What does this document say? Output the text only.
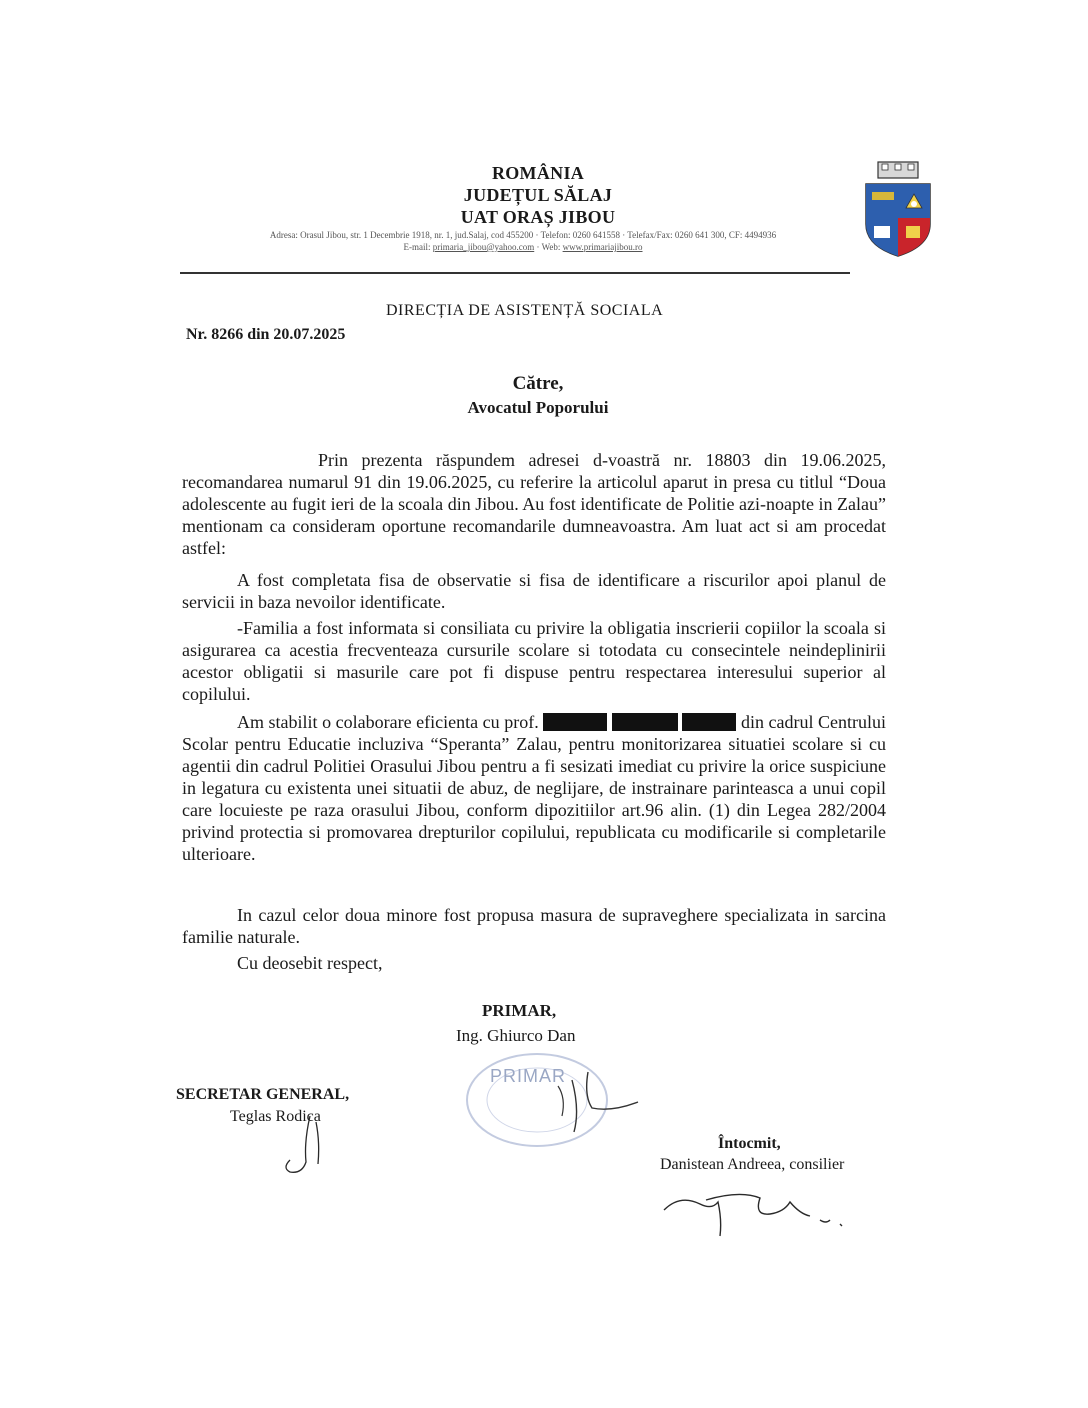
ROMÂNIA
JUDEȚUL SĂLAJ
UAT ORAȘ JIBOU
Adresa: Orasul Jibou, str. 1 Decembrie 1918, nr. 1, jud.Salaj, cod 455200 · Telefon: 0260 641558 · Telefax/Fax: 0260 641 300, CF: 4494936
E-mail: primaria_jibou@yahoo.com · Web: www.primariajibou.ro
DIRECȚIA DE ASISTENȚĂ SOCIALA
Nr. 8266 din 20.07.2025
Către,
Avocatul Poporului
Prin prezenta răspundem adresei d-voastră nr. 18803 din 19.06.2025, recomandarea numarul 91 din 19.06.2025, cu referire la articolul aparut in presa cu titlul “Doua adolescente au fugit ieri de la scoala din Jibou. Au fost identificate de Politie azi-noapte in Zalau” mentionam ca consideram oportune recomandarile dumneavoastra. Am luat act si am procedat astfel:
A fost completata fisa de observatie si fisa de identificare a riscurilor apoi planul de servicii in baza nevoilor identificate.
-Familia a fost informata si consiliata cu privire la obligatia inscrierii copiilor la scoala si asigurarea ca acestia frecventeaza cursurile scolare si totodata cu consecintele neindeplinirii acestor obligatii si masurile care pot fi dispuse pentru respectarea interesului superior al copilului.
Am stabilit o colaborare eficienta cu prof.	din cadrul Centrului Scolar pentru Educatie incluziva “Speranta” Zalau, pentru monitorizarea situatiei scolare si cu agentii din cadrul Politiei Orasului Jibou pentru a fi sesizati imediat cu privire la orice suspiciune in legatura cu existenta unei situatii de abuz, de neglijare, de instrainare parinteasca a unui copil care locuieste pe raza orasului Jibou, conform dipozitiilor art.96 alin. (1) din Legea 282/2004 privind protectia si promovarea drepturilor copilului, republicata cu modificarile si completarile ulterioare.
In cazul celor doua minore fost propusa masura de supraveghere specializata in sarcina familie naturale.
Cu deosebit respect,
PRIMAR,
Ing. Ghiurco Dan
PRIMAR
SECRETAR GENERAL,
Teglas Rodica
Întocmit,
Danistean Andreea, consilier
